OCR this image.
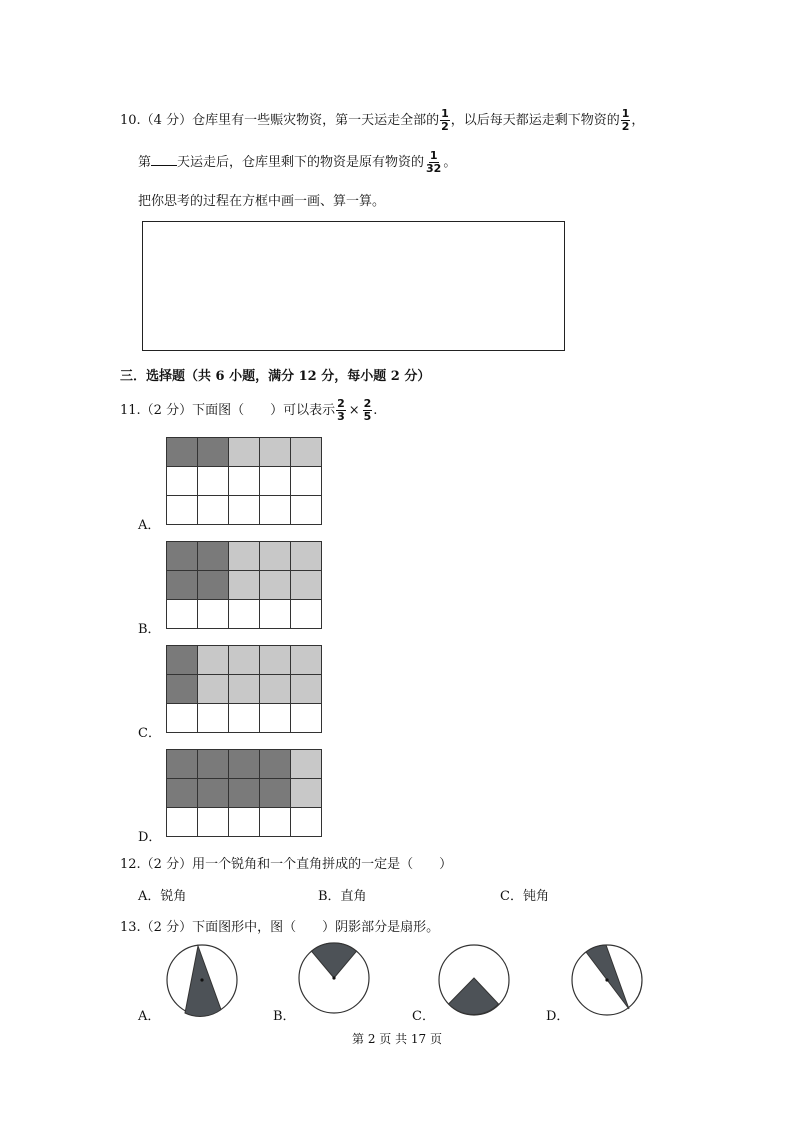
10.（4 分）仓库里有一些赈灾物资，第一天运走全部的 $\frac{1}{2}$ ，以后每天都运走剩下物资的 $\frac{1}{2}$ ，
第 天运走后，仓库里剩下的物资是原有物资的 $\frac{1}{32}$ 。
把你思考的过程在方框中画一画、算一算。
三．选择题（共 6 小题，满分 12 分，每小题 2 分）
11.（2 分）下面图（　　）可以表示 $\frac{2}{3} \times \frac{2}{5}$ .
A．

B．

C．

D．

12.（2 分）用一个锐角和一个直角拼成的一定是（　　）
A．锐角	B．直角	C．钝角
13.（2 分）下面图形中，图（　　）阴影部分是扇形。
A．	B．	C．	D．
第 2 页 共 17 页
